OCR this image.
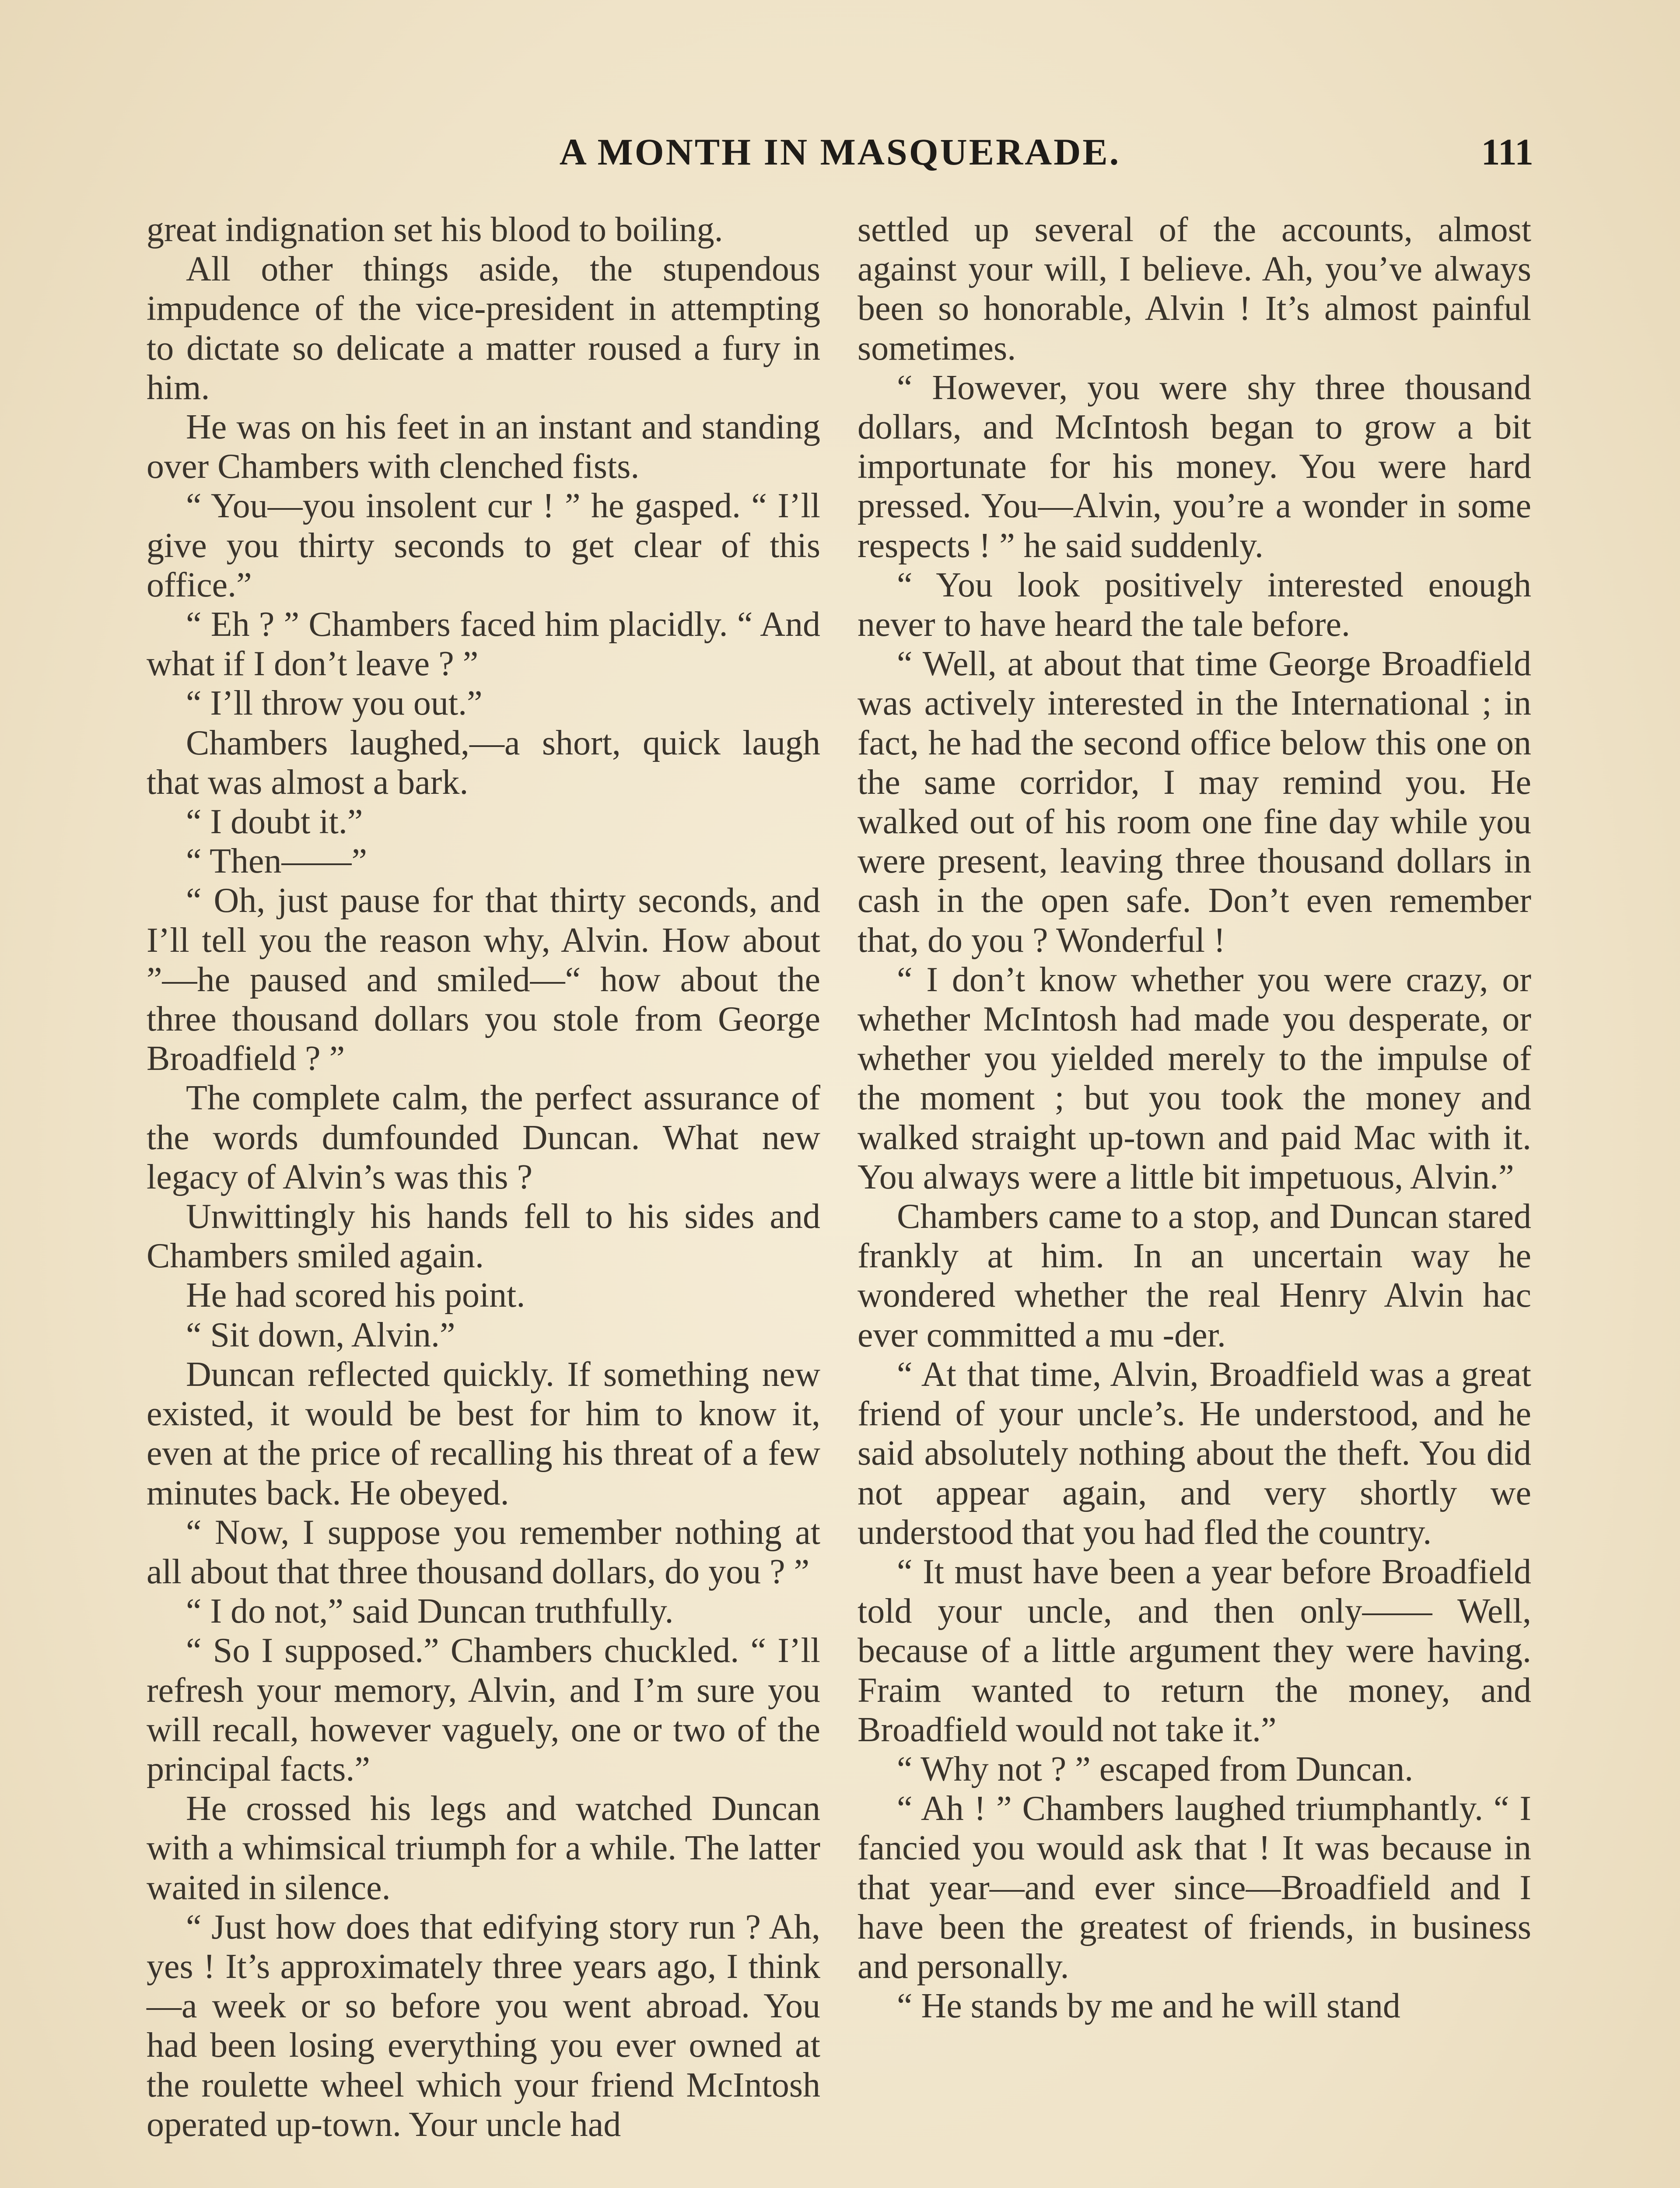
A MONTH IN MASQUERADE.	111

great indignation set his blood to boiling.

All other things aside, the stupendous impudence of the vice-president in attempting to dictate so delicate a matter roused a fury in him.

He was on his feet in an instant and standing over Chambers with clenched fists.

“ You—you insolent cur ! ” he gasped. “ I’ll give you thirty seconds to get clear of this office.”

“ Eh ? ” Chambers faced him placidly. “ And what if I don’t leave ? ”

“ I’ll throw you out.”

Chambers laughed,—a short, quick laugh that was almost a bark.

“ I doubt it.”

“ Then——”

“ Oh, just pause for that thirty seconds, and I’ll tell you the reason why, Alvin. How about ”—he paused and smiled—“ how about the three thousand dollars you stole from George Broadfield ? ”

The complete calm, the perfect assurance of the words dumfounded Duncan. What new legacy of Alvin’s was this ?

Unwittingly his hands fell to his sides and Chambers smiled again.

He had scored his point.

“ Sit down, Alvin.”

Duncan reflected quickly. If something new existed, it would be best for him to know it, even at the price of recalling his threat of a few minutes back. He obeyed.

“ Now, I suppose you remember nothing at all about that three thousand dollars, do you ? ”

“ I do not,” said Duncan truthfully.

“ So I supposed.” Chambers chuckled. “ I’ll refresh your memory, Alvin, and I’m sure you will recall, however vaguely, one or two of the principal facts.”

He crossed his legs and watched Duncan with a whimsical triumph for a while. The latter waited in silence.

“ Just how does that edifying story run ? Ah, yes ! It’s approximately three years ago, I think—a week or so before you went abroad. You had been losing everything you ever owned at the roulette wheel which your friend McIntosh operated up-town. Your uncle had

settled up several of the accounts, almost against your will, I believe. Ah, you’ve always been so honorable, Alvin ! It’s almost painful sometimes.

“ However, you were shy three thousand dollars, and McIntosh began to grow a bit importunate for his money. You were hard pressed. You—Alvin, you’re a wonder in some respects ! ” he said suddenly.

“ You look positively interested enough never to have heard the tale before.

“ Well, at about that time George Broadfield was actively interested in the International ; in fact, he had the second office below this one on the same corridor, I may remind you. He walked out of his room one fine day while you were present, leaving three thousand dollars in cash in the open safe. Don’t even remember that, do you ? Wonderful !

“ I don’t know whether you were crazy, or whether McIntosh had made you desperate, or whether you yielded merely to the impulse of the moment ; but you took the money and walked straight up-town and paid Mac with it. You always were a little bit impetuous, Alvin.”

Chambers came to a stop, and Duncan stared frankly at him. In an uncertain way he wondered whether the real Henry Alvin hac ever committed a mu -der.

“ At that time, Alvin, Broadfield was a great friend of your uncle’s. He understood, and he said absolutely nothing about the theft. You did not appear again, and very shortly we understood that you had fled the country.

“ It must have been a year before Broadfield told your uncle, and then only—— Well, because of a little argument they were having. Fraim wanted to return the money, and Broadfield would not take it.”

“ Why not ? ” escaped from Duncan.

“ Ah ! ” Chambers laughed triumphantly. “ I fancied you would ask that ! It was because in that year—and ever since—Broadfield and I have been the greatest of friends, in business and personally.

“ He stands by me and he will stand
